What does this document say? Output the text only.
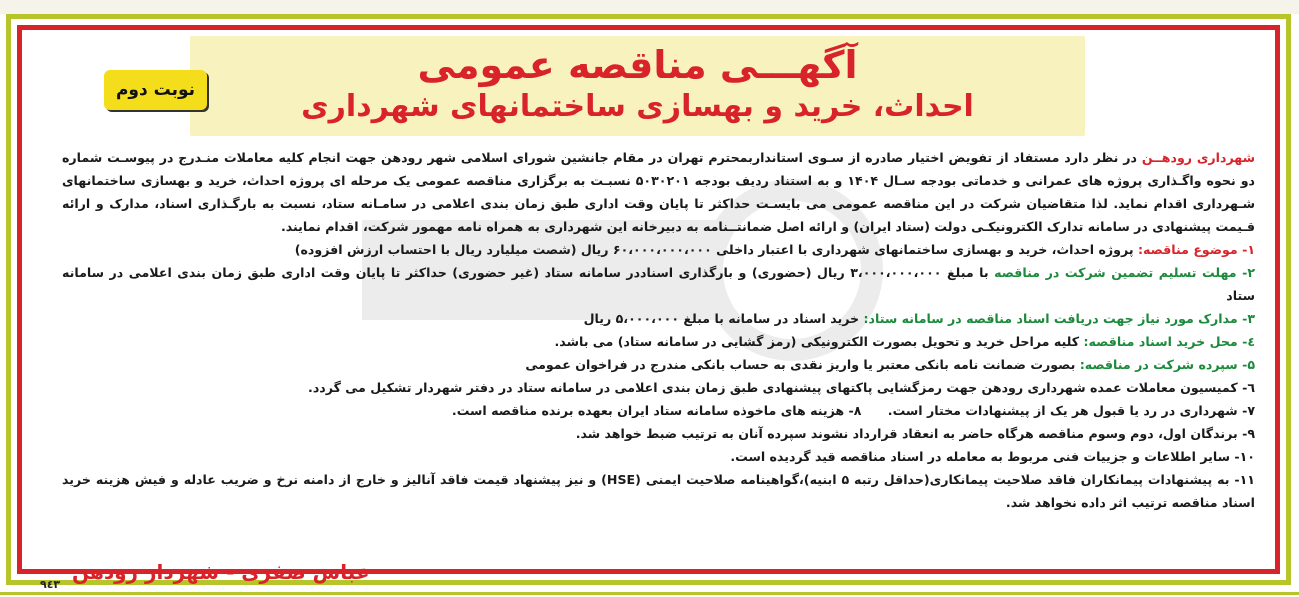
آگهـــی مناقصه عمومی
احداث، خرید و بهسازی ساختمانهای شهرداری
نوبت دوم

شهرداری رودهــن در نظر دارد مستفاد از تفویض اختیار صادره از سـوی استانداربمحترم تهران در مقام جانشین شورای اسلامی شهر رودهن جهت انجام کلیه معاملات منـدرج در پیوسـت شماره دو نحوه واگـذاری پروژه های عمرانی و خدماتی بودجه سـال ۱۴۰۴ و به استناد ردیف بودجه ۵۰۳۰۲۰۱ نسبـت به برگزاری مناقصه عمومی یک مرحله ای پروژه احداث، خرید و بهسازی ساختمانهای شـهرداری اقدام نماید. لذا متقاضیان شرکت در این مناقصه عمومی می بایسـت حداکثر تا پایان وقت اداری طبق زمان بندی اعلامی در سامـانه ستاد، نسبت به بارگـذاری اسناد، مدارک و ارائه قـیمت پیشنهادی در سامانه تدارک الکترونیکـی دولت (ستاد ایران) و ارائه اصل ضمانتــنامه به دبیرخانه این شهرداری به همراه نامه مهمور شرکت، اقدام نمایند.

۱- موضوع مناقصه: پروژه احداث، خرید و بهسازی ساختمانهای شهرداری با اعتبار داخلی ۶۰،۰۰۰،۰۰۰،۰۰۰ ریال (شصت میلیارد ریال با احتساب ارزش افزوده)

۲- مهلت تسلیم تضمین شرکت در مناقصه با مبلغ ۳،۰۰۰،۰۰۰،۰۰۰ ریال (حضوری) و بارگذاری اسناددر سامانه ستاد (غیر حضوری) حداکثر تا پایان وقت اداری طبق زمان بندی اعلامی در سامانه ستاد

۳- مدارک مورد نیاز جهت دریافت اسناد مناقصه در سامانه ستاد: خرید اسناد در سامانه با مبلغ ۵،۰۰۰،۰۰۰ ریال

٤- محل خرید اسناد مناقصه: کلیه مراحل خرید و تحویل بصورت الکترونیکی (رمز گشایی در سامانه ستاد) می باشد.

۵- سپرده شرکت در مناقصه: بصورت ضمانت نامه بانکی معتبر یا واریز نقدی به حساب بانکی مندرج در فراخوان عمومی

٦- کمیسیون معاملات عمده شهرداری رودهن جهت رمزگشایی پاکتهای پیشنهادی طبق زمان بندی اعلامی در سامانه ستاد در دفتر شهردار تشکیل می گردد.

٧- شهرداری در رد یا قبول هر یک از پیشنهادات مختار است.      ٨- هزینه های ماخوذه سامانه ستاد ایران بعهده برنده مناقصه است.

۹- برندگان اول، دوم وسوم مناقصه هرگاه حاضر به انعقاد قرارداد نشوند سپرده آنان به ترتیب ضبط خواهد شد.

۱۰- سایر اطلاعات و جزییات فنی مربوط به معامله در اسناد مناقصه قید گردیده است.

۱۱- به پیشنهادات پیمانکاران فاقد صلاحیت پیمانکاری(حداقل رتبه ۵ ابنیه)،گواهینامه صلاحیت ایمنی (HSE) و نیز پیشنهاد قیمت فاقد آنالیز و خارج از دامنه نرخ و ضریب عادله و فیش هزینه خرید اسناد مناقصه ترتیب اثر داده نخواهد شد.

عباس صفری - شهردار رودهن
۹٤٣
